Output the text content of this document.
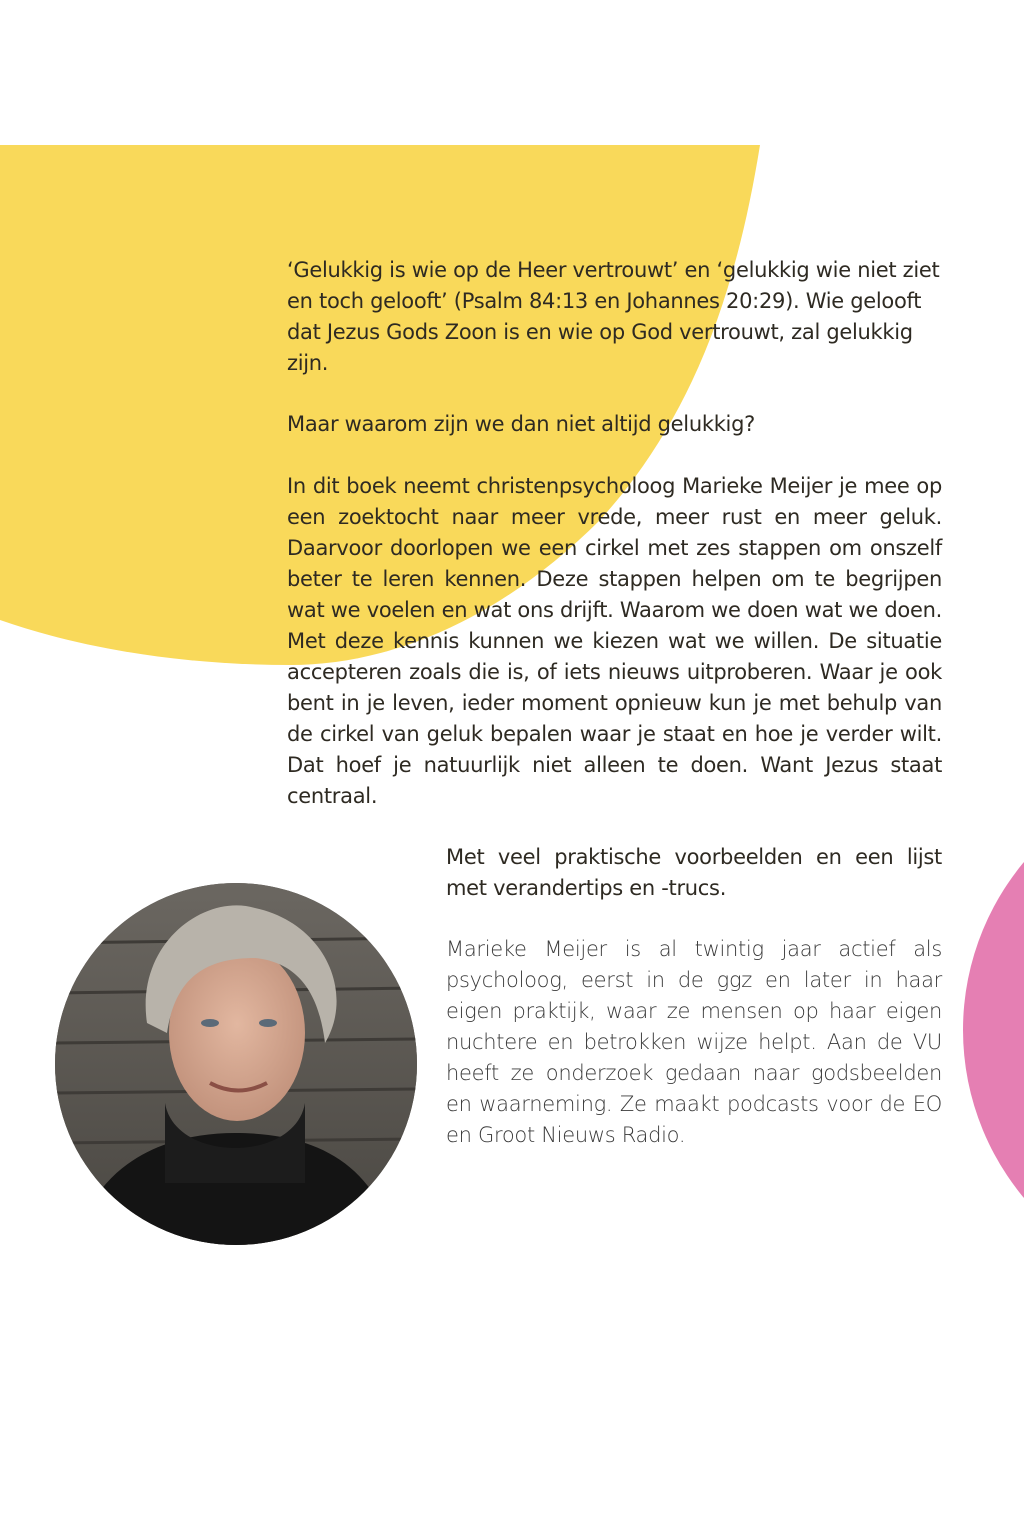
‘Gelukkig is wie op de Heer vertrouwt’ en ‘gelukkig wie niet ziet en toch gelooft’ (Psalm 84:13 en Johannes 20:29). Wie gelooft dat Jezus Gods Zoon is en wie op God vertrouwt, zal gelukkig zijn.
Maar waarom zijn we dan niet altijd gelukkig?
In dit boek neemt christenpsycholoog Marieke Meijer je mee op een zoektocht naar meer vrede, meer rust en meer geluk. Daarvoor doorlopen we een cirkel met zes stappen om onszelf beter te leren kennen. Deze stappen helpen om te begrijpen wat we voelen en wat ons drijft. Waarom we doen wat we doen. Met deze kennis kunnen we kiezen wat we willen. De situatie accepteren zoals die is, of iets nieuws uitproberen. Waar je ook bent in je leven, ieder moment opnieuw kun je met behulp van de cirkel van geluk bepalen waar je staat en hoe je verder wilt. Dat hoef je natuurlijk niet alleen te doen. Want Jezus staat centraal.
Met veel praktische voorbeelden en een lijst met verandertips en -trucs.
Marieke Meijer is al twintig jaar actief als psycholoog, eerst in de ggz en later in haar eigen praktijk, waar ze mensen op haar eigen nuchtere en betrokken wijze helpt. Aan de VU heeft ze onderzoek gedaan naar godsbeelden en waarneming. Ze maakt podcasts voor de EO en Groot Nieuws Radio.
